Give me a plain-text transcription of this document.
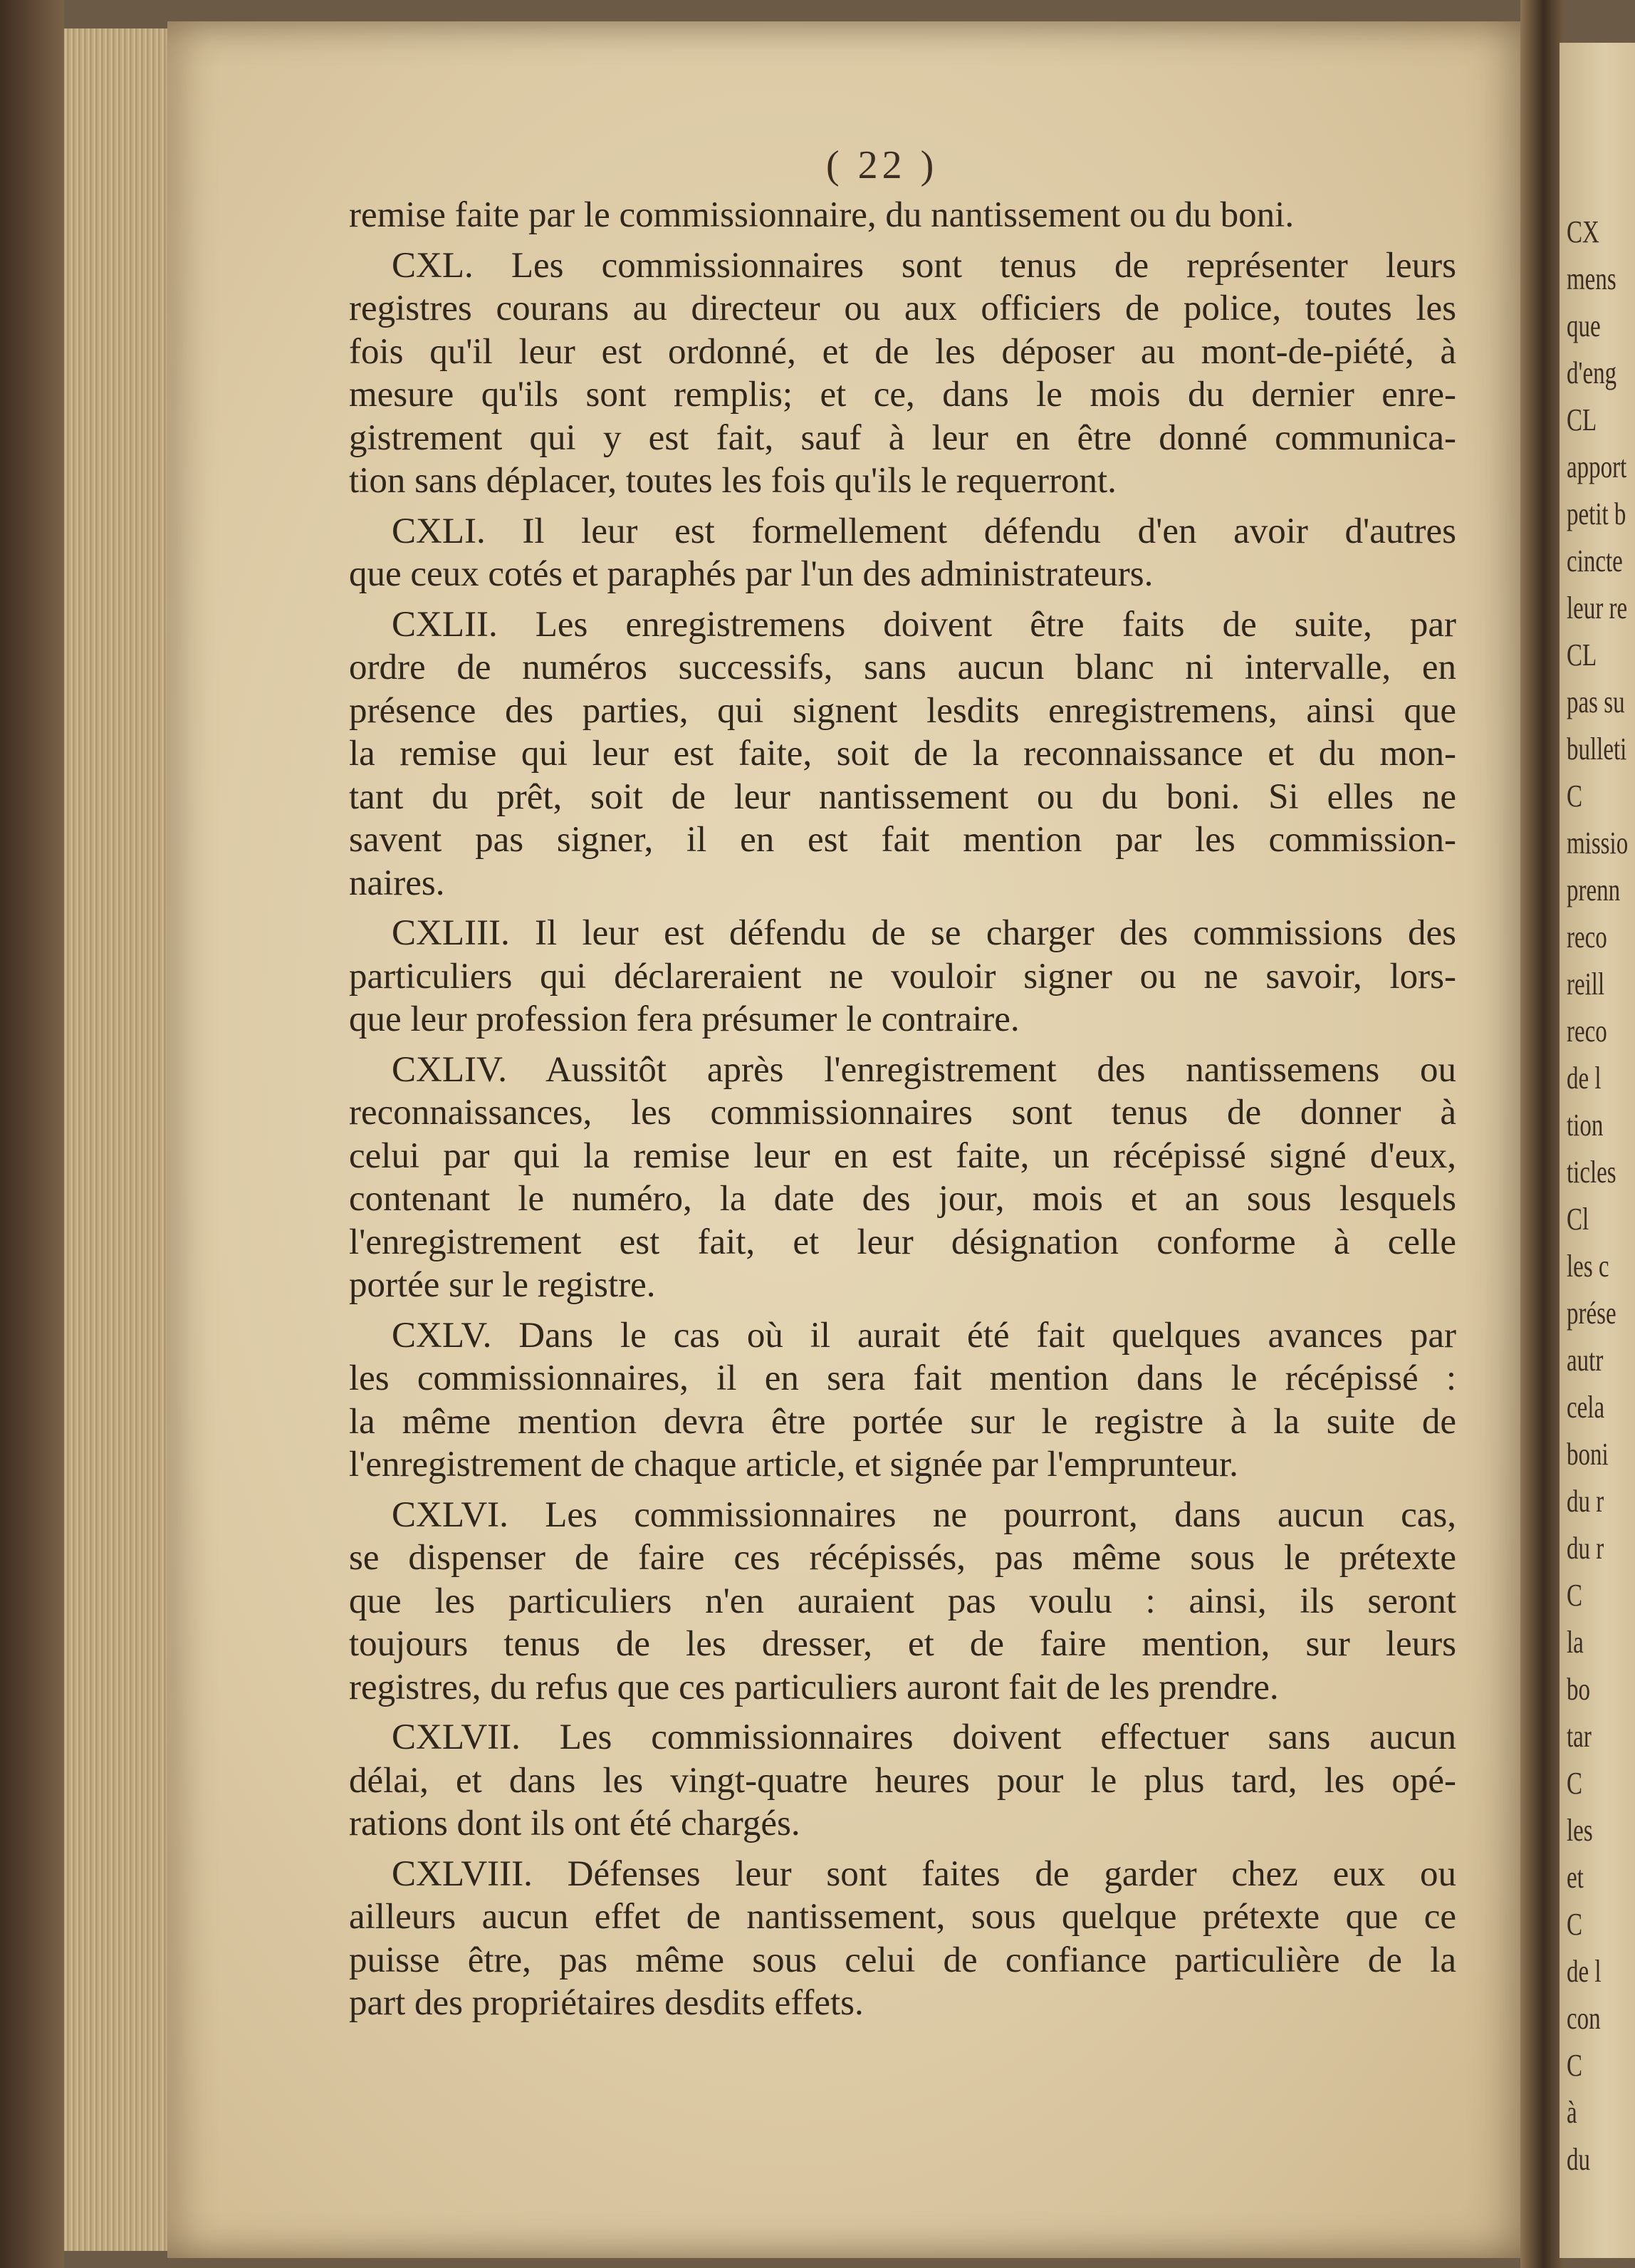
CX
mens
que
d'eng
CL
apport
petit b
cincte
leur re
CL
pas su
bulleti
C
missio
prenn
reco
reill
reco
de l
tion
ticles
Cl
les c
prése
autr
cela
boni
du r
du r
C
la
bo
tar
C
les
et
C
de l
con
C
à
du
( 22 )
remise faite par le commissionnaire, du nantissement ou du boni.
CXL. Les commissionnaires sont tenus de représenter leurs
registres courans au directeur ou aux officiers de police, toutes les
fois qu'il leur est ordonné, et de les déposer au mont-de-piété, à
mesure qu'ils sont remplis; et ce, dans le mois du dernier enre-
gistrement qui y est fait, sauf à leur en être donné communica-
tion sans déplacer, toutes les fois qu'ils le requerront.
CXLI. Il leur est formellement défendu d'en avoir d'autres
que ceux cotés et paraphés par l'un des administrateurs.
CXLII. Les enregistremens doivent être faits de suite, par
ordre de numéros successifs, sans aucun blanc ni intervalle, en
présence des parties, qui signent lesdits enregistremens, ainsi que
la remise qui leur est faite, soit de la reconnaissance et du mon-
tant du prêt, soit de leur nantissement ou du boni. Si elles ne
savent pas signer, il en est fait mention par les commission-
naires.
CXLIII. Il leur est défendu de se charger des commissions des
particuliers qui déclareraient ne vouloir signer ou ne savoir, lors-
que leur profession fera présumer le contraire.
CXLIV. Aussitôt après l'enregistrement des nantissemens ou
reconnaissances, les commissionnaires sont tenus de donner à
celui par qui la remise leur en est faite, un récépissé signé d'eux,
contenant le numéro, la date des jour, mois et an sous lesquels
l'enregistrement est fait, et leur désignation conforme à celle
portée sur le registre.
CXLV. Dans le cas où il aurait été fait quelques avances par
les commissionnaires, il en sera fait mention dans le récépissé :
la même mention devra être portée sur le registre à la suite de
l'enregistrement de chaque article, et signée par l'emprunteur.
CXLVI. Les commissionnaires ne pourront, dans aucun cas,
se dispenser de faire ces récépissés, pas même sous le prétexte
que les particuliers n'en auraient pas voulu : ainsi, ils seront
toujours tenus de les dresser, et de faire mention, sur leurs
registres, du refus que ces particuliers auront fait de les prendre.
CXLVII. Les commissionnaires doivent effectuer sans aucun
délai, et dans les vingt-quatre heures pour le plus tard, les opé-
rations dont ils ont été chargés.
CXLVIII. Défenses leur sont faites de garder chez eux ou
ailleurs aucun effet de nantissement, sous quelque prétexte que ce
puisse être, pas même sous celui de confiance particulière de la
part des propriétaires desdits effets.
